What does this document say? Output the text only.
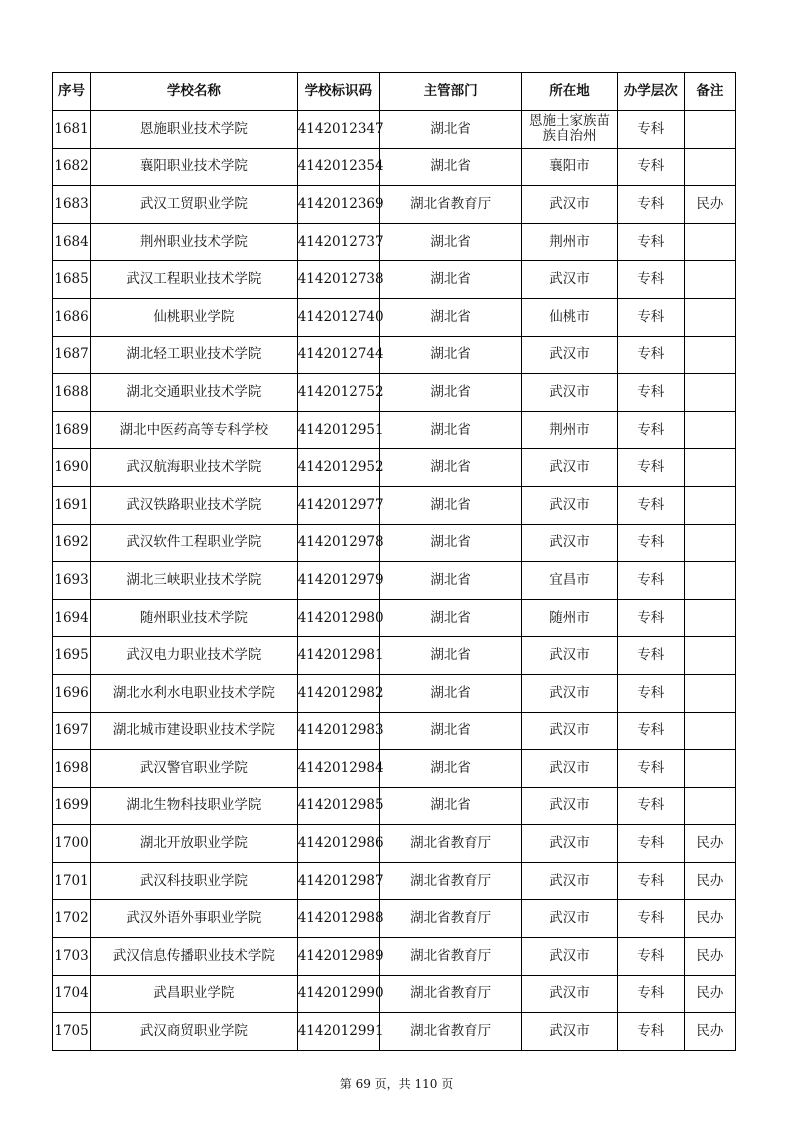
序号	学校名称	学校标识码	主管部门	所在地	办学层次	备注
1681	恩施职业技术学院	4142012347	湖北省	恩施土家族苗族自治州	专科	
1682	襄阳职业技术学院	4142012354	湖北省	襄阳市	专科	
1683	武汉工贸职业学院	4142012369	湖北省教育厅	武汉市	专科	民办
1684	荆州职业技术学院	4142012737	湖北省	荆州市	专科	
1685	武汉工程职业技术学院	4142012738	湖北省	武汉市	专科	
1686	仙桃职业学院	4142012740	湖北省	仙桃市	专科	
1687	湖北轻工职业技术学院	4142012744	湖北省	武汉市	专科	
1688	湖北交通职业技术学院	4142012752	湖北省	武汉市	专科	
1689	湖北中医药高等专科学校	4142012951	湖北省	荆州市	专科	
1690	武汉航海职业技术学院	4142012952	湖北省	武汉市	专科	
1691	武汉铁路职业技术学院	4142012977	湖北省	武汉市	专科	
1692	武汉软件工程职业学院	4142012978	湖北省	武汉市	专科	
1693	湖北三峡职业技术学院	4142012979	湖北省	宜昌市	专科	
1694	随州职业技术学院	4142012980	湖北省	随州市	专科	
1695	武汉电力职业技术学院	4142012981	湖北省	武汉市	专科	
1696	湖北水利水电职业技术学院	4142012982	湖北省	武汉市	专科	
1697	湖北城市建设职业技术学院	4142012983	湖北省	武汉市	专科	
1698	武汉警官职业学院	4142012984	湖北省	武汉市	专科	
1699	湖北生物科技职业学院	4142012985	湖北省	武汉市	专科	
1700	湖北开放职业学院	4142012986	湖北省教育厅	武汉市	专科	民办
1701	武汉科技职业学院	4142012987	湖北省教育厅	武汉市	专科	民办
1702	武汉外语外事职业学院	4142012988	湖北省教育厅	武汉市	专科	民办
1703	武汉信息传播职业技术学院	4142012989	湖北省教育厅	武汉市	专科	民办
1704	武昌职业学院	4142012990	湖北省教育厅	武汉市	专科	民办
1705	武汉商贸职业学院	4142012991	湖北省教育厅	武汉市	专科	民办
第 69 页，共 110 页
